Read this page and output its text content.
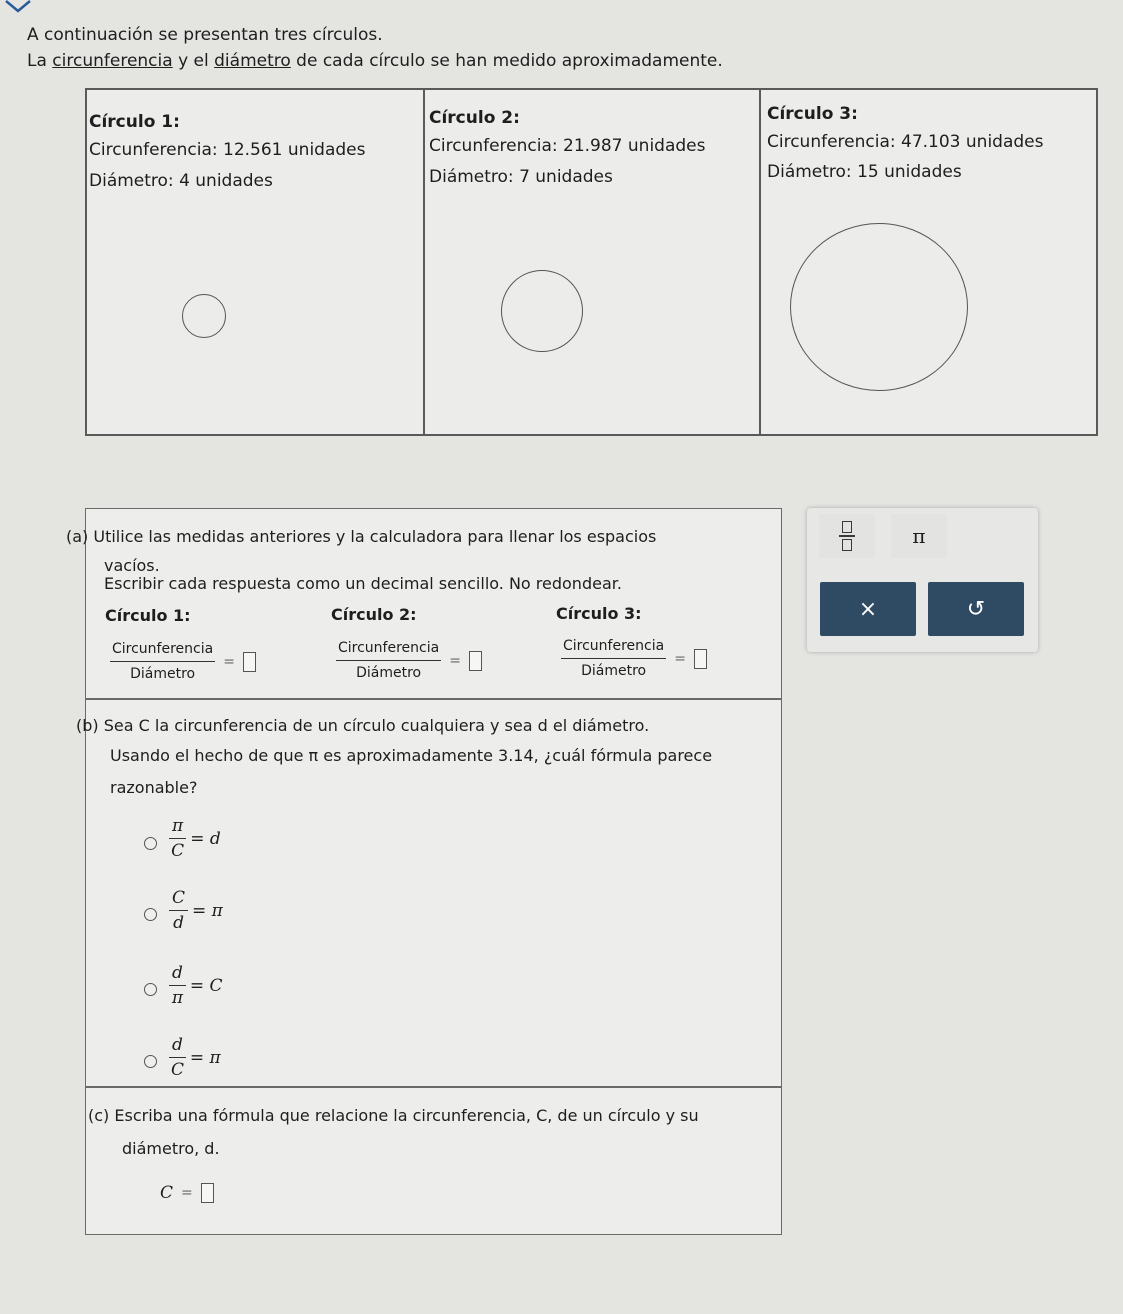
A continuación se presentan tres círculos.
La circunferencia y el diámetro de cada círculo se han medido aproximadamente.
Círculo 1:
Circunferencia: 12.561 unidades
Diámetro: 4 unidades
Círculo 2:
Circunferencia: 21.987 unidades
Diámetro: 7 unidades
Círculo 3:
Circunferencia: 47.103 unidades
Diámetro: 15 unidades
(a) Utilice las medidas anteriores y la calculadora para llenar los espacios
vacíos.
Escribir cada respuesta como un decimal sencillo. No redondear.
Círculo 1:	Círculo 2:	Círculo 3:
$\frac{\text{Circunferencia}}{\text{Diámetro}}$ =	$\frac{\text{Circunferencia}}{\text{Diámetro}}$ =	$\frac{\text{Circunferencia}}{\text{Diámetro}}$ =
(b) Sea C la circunferencia de un círculo cualquiera y sea d el diámetro.
Usando el hecho de que π es aproximadamente 3.14, ¿cuál fórmula parece
razonable?
$\frac{\pi}{C} = d$
$\frac{C}{d} = \pi$
$\frac{d}{\pi} = C$
$\frac{d}{C} = \pi$
(c) Escriba una fórmula que relacione la circunferencia, C, de un círculo y su
diámetro, d.
C =
π
×	↺
